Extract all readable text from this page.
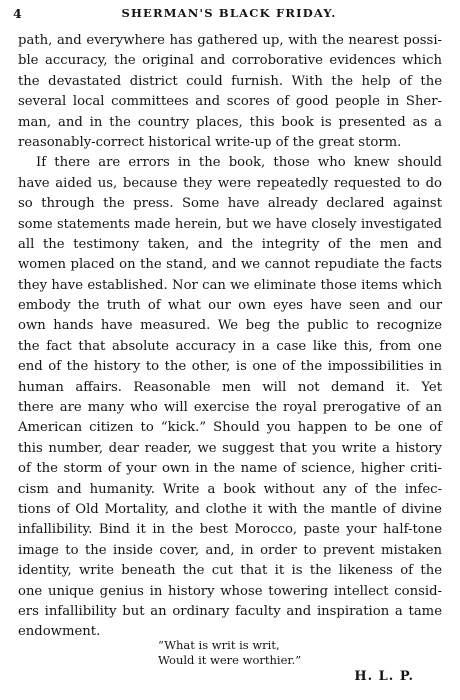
4	SHERMAN'S BLACK FRIDAY.
path, and everywhere has gathered up, with the nearest possi-
ble accuracy, the original and corroborative evidences which
the devastated district could furnish. With the help of the
several local committees and scores of good people in Sher-
man, and in the country places, this book is presented as a
reasonably-correct historical write-up of the great storm.
If there are errors in the book, those who knew should
have aided us, because they were repeatedly requested to do
so through the press. Some have already declared against
some statements made herein, but we have closely investigated
all the testimony taken, and the integrity of the men and
women placed on the stand, and we cannot repudiate the facts
they have established. Nor can we eliminate those items which
embody the truth of what our own eyes have seen and our
own hands have measured. We beg the public to recognize
the fact that absolute accuracy in a case like this, from one
end of the history to the other, is one of the impossibilities in
human affairs. Reasonable men will not demand it. Yet
there are many who will exercise the royal prerogative of an
American citizen to “kick.” Should you happen to be one of
this number, dear reader, we suggest that you write a history
of the storm of your own in the name of science, higher criti-
cism and humanity. Write a book without any of the infec-
tions of Old Mortality, and clothe it with the mantle of divine
infallibility. Bind it in the best Morocco, paste your half-tone
image to the inside cover, and, in order to prevent mistaken
identity, write beneath the cut that it is the likeness of the
one unique genius in history whose towering intellect consid-
ers infallibility but an ordinary faculty and inspiration a tame
endowment.
“What is writ is writ,
Would it were worthier.”
H. L. P.
